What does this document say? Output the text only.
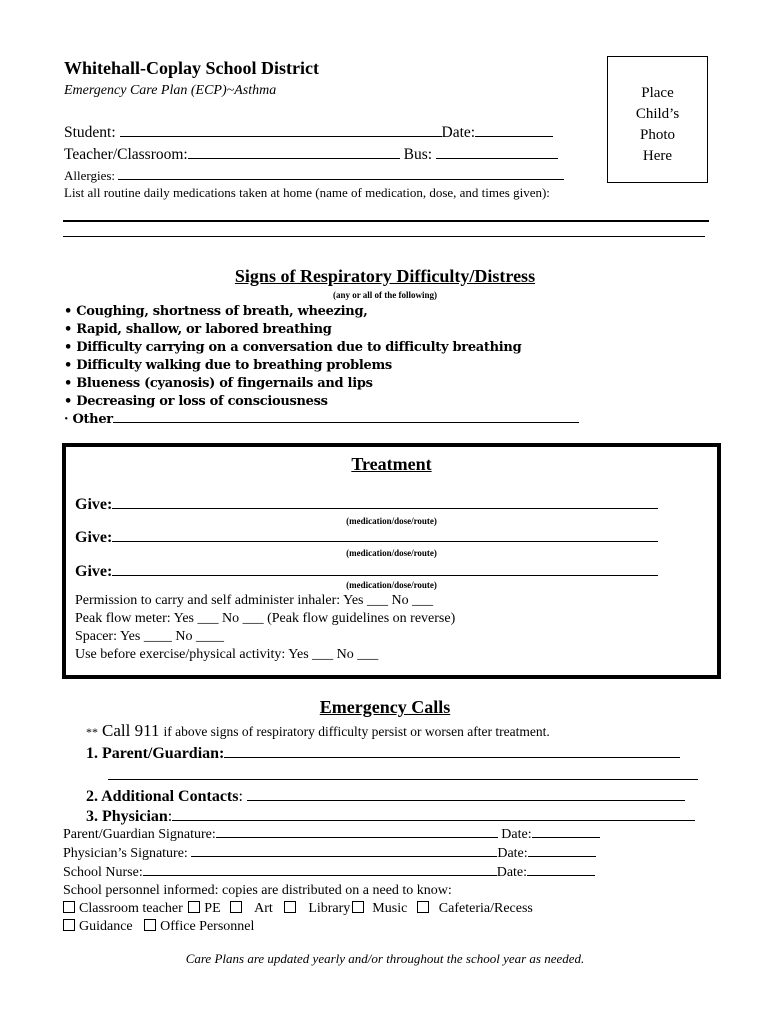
Whitehall-Coplay School District
Emergency Care Plan (ECP)~Asthma	Place
Child’s
Photo
Here
Student:	Date:
Teacher/Classroom:	Bus:
Allergies:
List all routine daily medications taken at home (name of medication, dose, and times given):
Signs of Respiratory Difficulty/Distress
(any or all of the following)
• Coughing, shortness of breath, wheezing,
• Rapid, shallow, or labored breathing
• Difficulty carrying on a conversation due to difficulty breathing
• Difficulty walking due to breathing problems
• Blueness (cyanosis) of fingernails and lips
• Decreasing or loss of consciousness
· Other
Treatment
Give:
(medication/dose/route)
Give:
(medication/dose/route)
Give:
(medication/dose/route)
Permission to carry and self administer inhaler: Yes ___ No ___
Peak flow meter: Yes ___ No ___ (Peak flow guidelines on reverse)
Spacer: Yes ____ No ____
Use before exercise/physical activity: Yes ___ No ___
Emergency Calls
** Call 911 if above signs of respiratory difficulty persist or worsen after treatment.
1. Parent/Guardian:
2. Additional Contacts:
3. Physician:
Parent/Guardian Signature:	Date:
Physician’s Signature:	Date:
School Nurse:	Date:
School personnel informed: copies are distributed on a need to know:
Classroom teacher PE Art	Library Music Cafeteria/Recess
Guidance Office Personnel
Care Plans are updated yearly and/or throughout the school year as needed.
